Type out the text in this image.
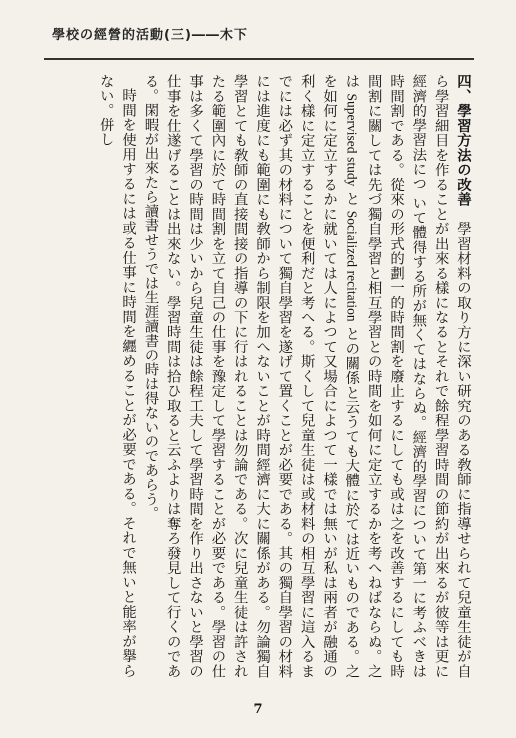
學校の經營的活動(三)――木下

四、學習方法の改善　學習材料の取り方に深い研究のある敎師に指導せられて兒童生徒が自ら學習細目を作ることが出來る樣になるとそれで餘程學習時間の節約が出來るが彼等は更に經濟的學習法につ いて體得する所が無くてはならぬ。經濟的學習について第一に考ふべきは時間割である。從來の形式的劃一的時間割を廢止するにしても或は之を改善するにしても時間割に關しては先づ獨自學習と相互學習との時間を如何に定立するかを考へねばならぬ。之は Supervised study と Socialized recitation との關係と云うても大體に於ては近いものである。之を如何に定立するかに就いては人によつて又場合によつて一樣では無いが私は兩者が融通の利く樣に定立することを便利だと考へる。斯くして兒童生徒は或材料の相互學習に這入るまでには必ず其の材料について獨自學習を遂げて置くことが必要である。其の獨自學習の材料には進度にも範圍にも敎師から制限を加へないことが時間經濟に大に關係がある。勿論獨自學習とても敎師の直接間接の指導の下に行はれることは勿論である。次に兒童生徒は許されたる範圍內に於て時間割を立て自己の仕事を豫定して學習することが必要である。學習の仕事は多くて學習の時間は少いから兒童生徒は餘程工夫して學習時間を作り出さないと學習の仕事を仕遂げることは出來ない。學習時間は拾ひ取ると云ふよりは奪ろ發見して行くのである。閑暇が出來たら讀書せうでは生涯讀書の時は得ないのであらう。

時間を使用するには或る仕事に時間を纒めることが必要である。それで無いと能率が擧らない。併し

7
